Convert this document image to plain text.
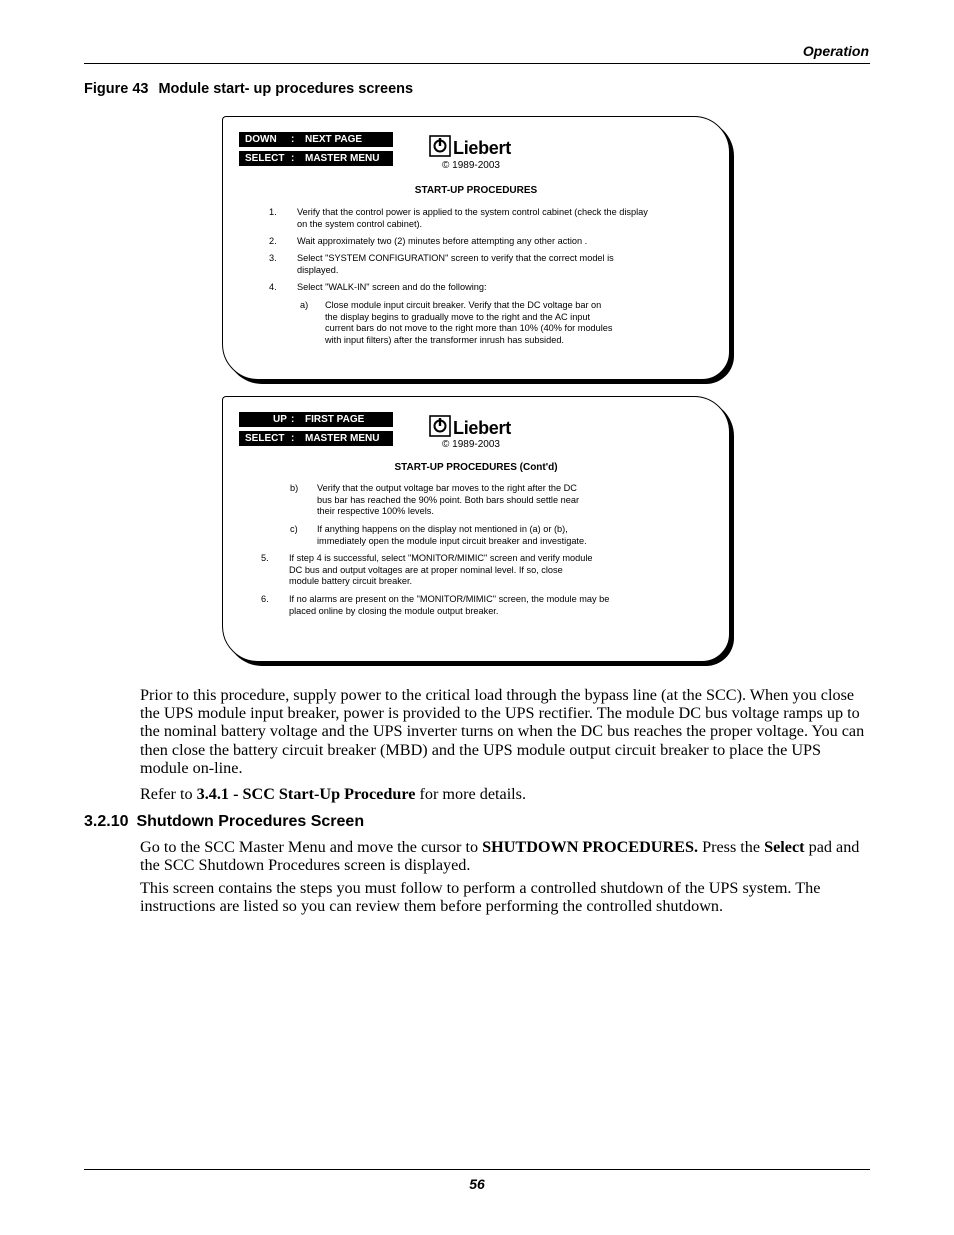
Operation
Figure 43 Module start- up procedures screens
DOWN : NEXT PAGE
SELECT : MASTER MENU
Liebert
© 1989-2003
START-UP PROCEDURES
1. Verify that the control power is applied to the system control cabinet (check the display
on the system control cabinet).
2. Wait approximately two (2) minutes before attempting any other action .
3. Select "SYSTEM CONFIGURATION" screen to verify that the correct model is
displayed.
4. Select "WALK-IN" screen and do the following:
a) Close module input circuit breaker. Verify that the DC voltage bar on
the display begins to gradually move to the right and the AC input
current bars do not move to the right more than 10% (40% for modules
with input filters) after the transformer inrush has subsided.
UP : FIRST PAGE
SELECT : MASTER MENU
Liebert
© 1989-2003
START-UP PROCEDURES (Cont'd)
b) Verify that the output voltage bar moves to the right after the DC
bus bar has reached the 90% point. Both bars should settle near
their respective 100% levels.
c) If anything happens on the display not mentioned in (a) or (b),
immediately open the module input circuit breaker and investigate.
5. If step 4 is successful, select "MONITOR/MIMIC" screen and verify module
DC bus and output voltages are at proper nominal level. If so, close
module battery circuit breaker.
6. If no alarms are present on the "MONITOR/MIMIC" screen, the module may be
placed online by closing the module output breaker.
Prior to this procedure, supply power to the critical load through the bypass line (at the SCC). When you close the UPS module input breaker, power is provided to the UPS rectifier. The module DC bus voltage ramps up to the nominal battery voltage and the UPS inverter turns on when the DC bus reaches the proper voltage. You can then close the battery circuit breaker (MBD) and the UPS module output circuit breaker to place the UPS module on-line.
Refer to 3.4.1 - SCC Start-Up Procedure for more details.
3.2.10 Shutdown Procedures Screen
Go to the SCC Master Menu and move the cursor to SHUTDOWN PROCEDURES. Press the Select pad and the SCC Shutdown Procedures screen is displayed.
This screen contains the steps you must follow to perform a controlled shutdown of the UPS system. The instructions are listed so you can review them before performing the controlled shutdown.
56
